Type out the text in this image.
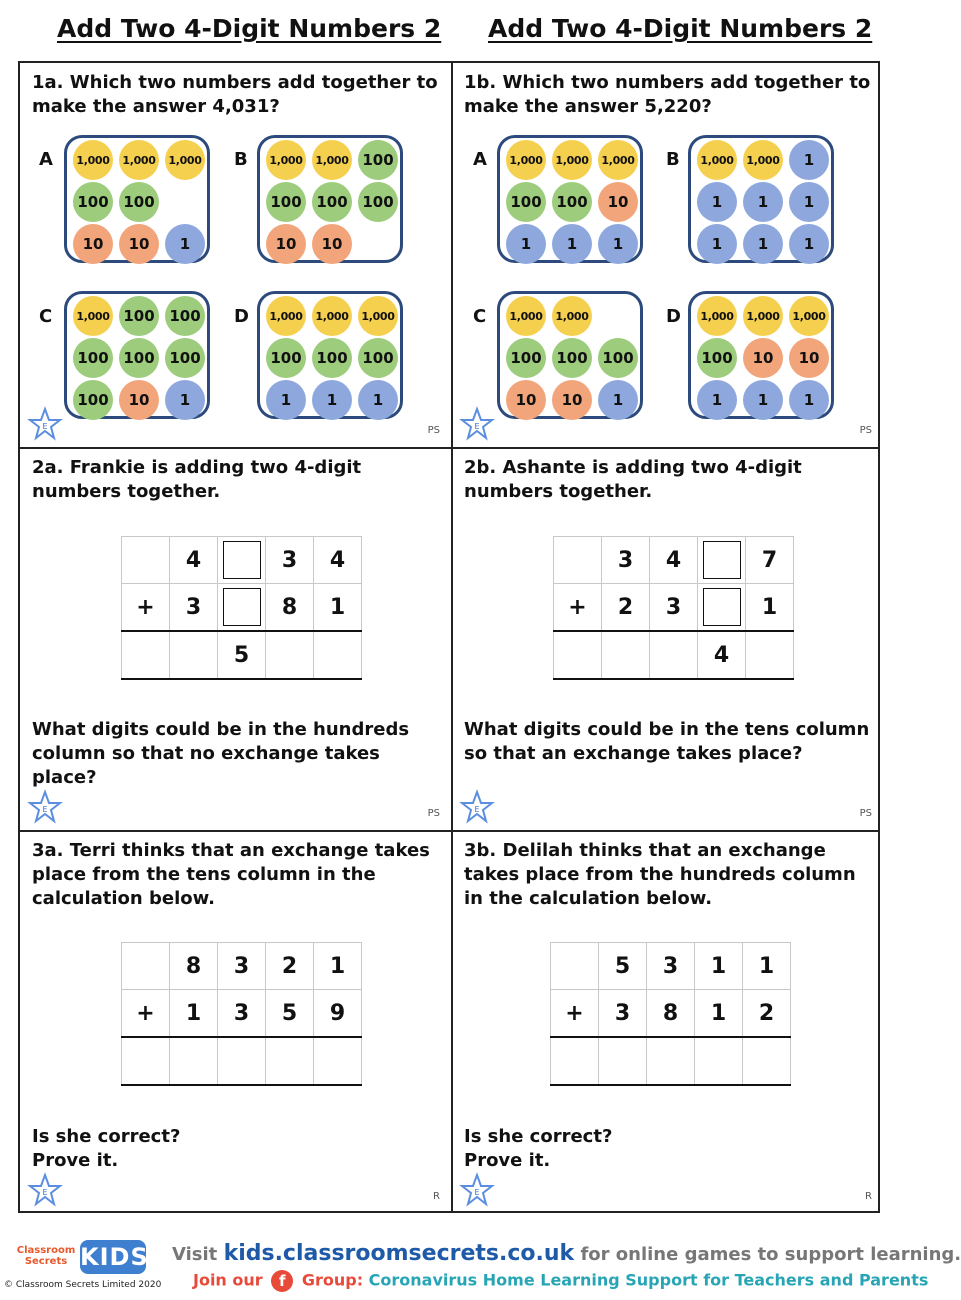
Add Two 4-Digit Numbers 2 Add Two 4-Digit Numbers 2
1a. Which two numbers add together to make the answer 4,031?
A	1,000	1,000	1,000
100 100
10	10	1
B	1,000	1,000 100
100 100 100
10	10
C	1,000 100 100
100 100 100
100	10	1
D	1,000	1,000	1,000
100 100 100
1	1	1
E	PS
1b. Which two numbers add together to make the answer 5,220?
A	1,000	1,000	1,000
100 100	10
1	1	1
B	1,000	1,000	1
1	1	1
1	1	1
C	1,000	1,000
100 100 100
10	10	1
D	1,000	1,000	1,000
100	10	10
1	1	1
E	PS
2a. Frankie is adding two 4-digit numbers together.
	4		3	4
+	3		8	1
		5		
What digits could be in the hundreds column so that no exchange takes place?
E	PS
2b. Ashante is adding two 4-digit numbers together.
	3	4		7
+	2	3		1
			4	
What digits could be in the tens column so that an exchange takes place?
E	PS
3a. Terri thinks that an exchange takes place from the tens column in the calculation below.
	8	3	2	1
+	1	3	5	9

Is she correct? Prove it.
E	R
3b. Delilah thinks that an exchange takes place from the hundreds column in the calculation below.
	5	3	1	1
+	3	8	1	2

Is she correct? Prove it.
E	R
Classroom Secrets KIDS Visit kids.classroomsecrets.co.uk for online games to support learning.
Join our f Group: Coronavirus Home Learning Support for Teachers and Parents
© Classroom Secrets Limited 2020
